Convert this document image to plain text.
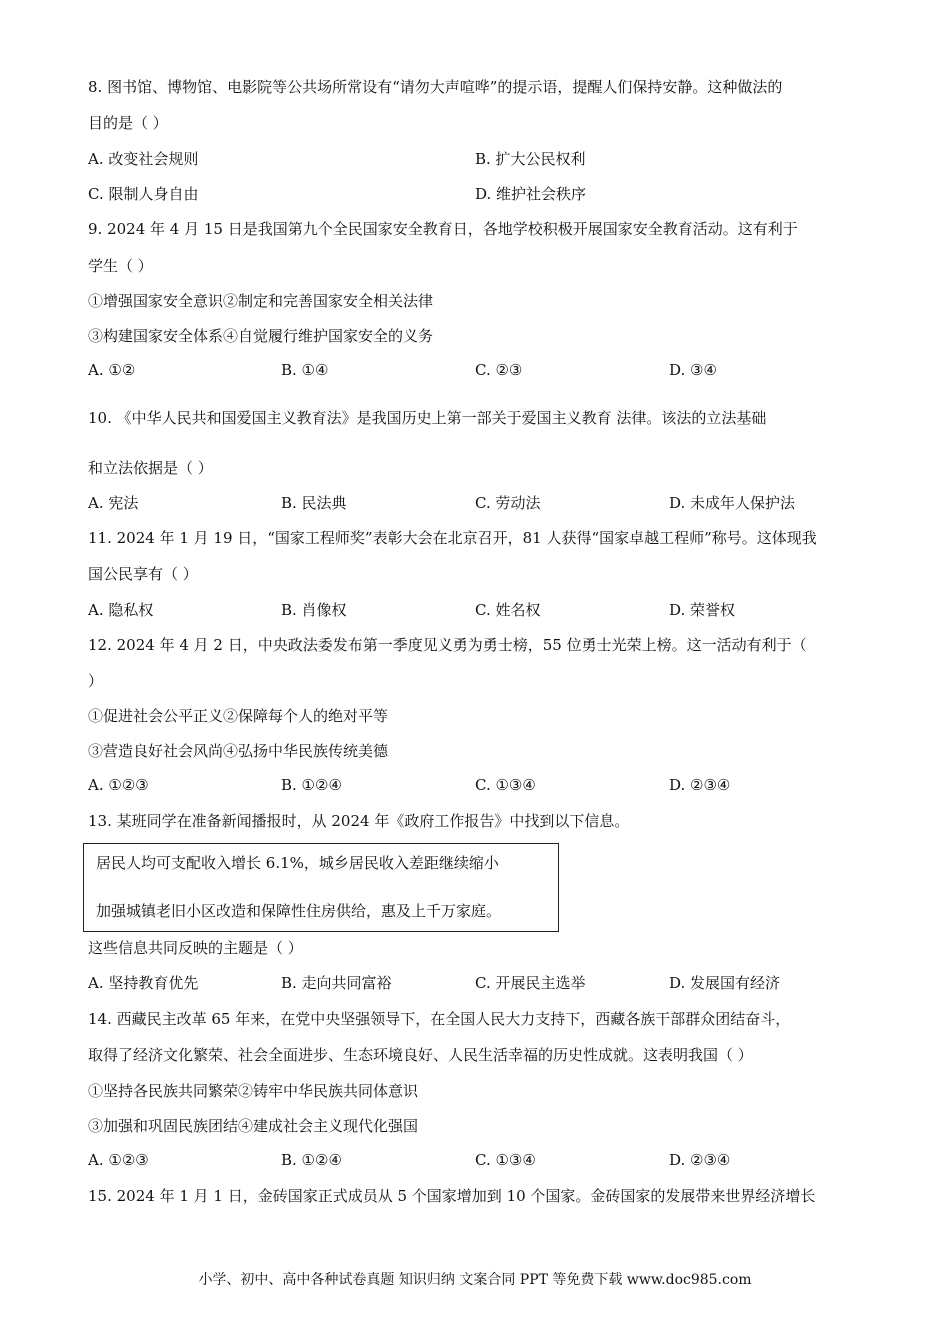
8. 图书馆、博物馆、电影院等公共场所常设有“请勿大声喧哗”的提示语，提醒人们保持安静。这种做法的
目的是（ ）
A. 改变社会规则	B. 扩大公民权利
C. 限制人身自由	D. 维护社会秩序
9. 2024 年 4 月 15 日是我国第九个全民国家安全教育日，各地学校积极开展国家安全教育活动。这有利于
学生（ ）
①增强国家安全意识②制定和完善国家安全相关法律
③构建国家安全体系④自觉履行维护国家安全的义务
A. ①②	B. ①④	C. ②③	D. ③④
10. 《中华人民共和国爱国主义教育法》是我国历史上第一部关于爱国主义教育 法律。该法的立法基础
和立法依据是（ ）
A. 宪法	B. 民法典	C. 劳动法	D. 未成年人保护法
11. 2024 年 1 月 19 日，“国家工程师奖”表彰大会在北京召开，81 人获得“国家卓越工程师”称号。这体现我
国公民享有（ ）
A. 隐私权	B. 肖像权	C. 姓名权	D. 荣誉权
12. 2024 年 4 月 2 日，中央政法委发布第一季度见义勇为勇士榜，55 位勇士光荣上榜。这一活动有利于（
）
①促进社会公平正义②保障每个人的绝对平等
③营造良好社会风尚④弘扬中华民族传统美德
A. ①②③	B. ①②④	C. ①③④	D. ②③④
13. 某班同学在准备新闻播报时，从 2024 年《政府工作报告》中找到以下信息。
居民人均可支配收入增长 6.1%，城乡居民收入差距继续缩小
加强城镇老旧小区改造和保障性住房供给，惠及上千万家庭。
这些信息共同反映的主题是（ ）
A. 坚持教育优先	B. 走向共同富裕	C. 开展民主选举	D. 发展国有经济
14. 西藏民主改革 65 年来，在党中央坚强领导下，在全国人民大力支持下，西藏各族干部群众团结奋斗，
取得了经济文化繁荣、社会全面进步、生态环境良好、人民生活幸福的历史性成就。这表明我国（ ）
①坚持各民族共同繁荣②铸牢中华民族共同体意识
③加强和巩固民族团结④建成社会主义现代化强国
A. ①②③	B. ①②④	C. ①③④	D. ②③④
15. 2024 年 1 月 1 日，金砖国家正式成员从 5 个国家增加到 10 个国家。金砖国家的发展带来世界经济增长
小学、初中、高中各种试卷真题 知识归纳 文案合同 PPT 等免费下载 www.doc985.com
